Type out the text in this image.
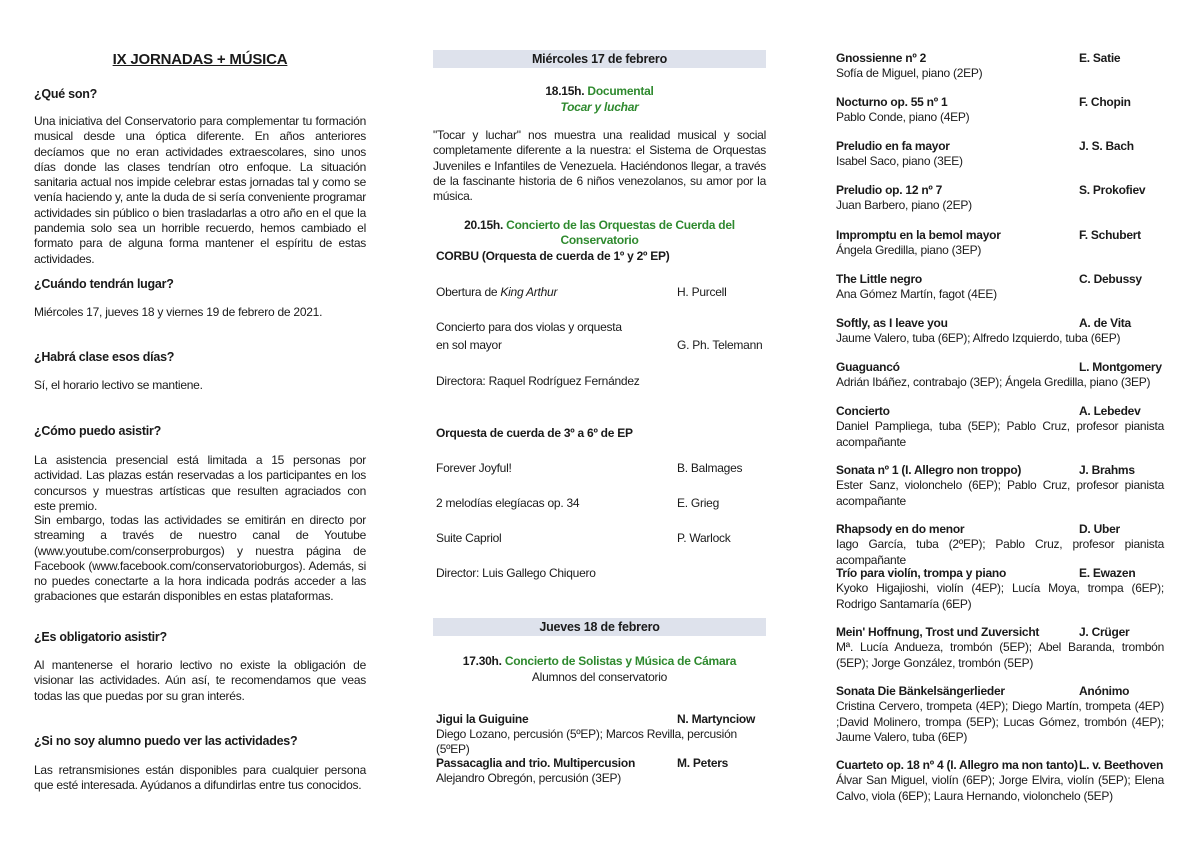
IX JORNADAS + MÚSICA
¿Qué son?
Una iniciativa del Conservatorio para complementar tu formación musical desde una óptica diferente. En años anteriores decíamos que no eran actividades extraescolares, sino unos días donde las clases tendrían otro enfoque. La situación sanitaria actual nos impide celebrar estas jornadas tal y como se venía haciendo y, ante la duda de si sería conveniente programar actividades sin público o bien trasladarlas a otro año en el que la pandemia solo sea un horrible recuerdo, hemos cambiado el formato para de alguna forma mantener el espíritu de estas actividades.
¿Cuándo tendrán lugar?
Miércoles 17, jueves 18 y viernes 19 de febrero de 2021.
¿Habrá clase esos días?
Sí, el horario lectivo se mantiene.
¿Cómo puedo asistir?
La asistencia presencial está limitada a 15 personas por actividad. Las plazas están reservadas a los participantes en los concursos y muestras artísticas que resulten agraciados con este premio.
Sin embargo, todas las actividades se emitirán en directo por streaming a través de nuestro canal de Youtube (www.youtube.com/conserproburgos) y nuestra página de Facebook (www.facebook.com/conservatorioburgos). Además, si no puedes conectarte a la hora indicada podrás acceder a las grabaciones que estarán disponibles en estas plataformas.
¿Es obligatorio asistir?
Al mantenerse el horario lectivo no existe la obligación de visionar las actividades. Aún así, te recomendamos que veas todas las que puedas por su gran interés.
¿Si no soy alumno puedo ver las actividades?
Las retransmisiones están disponibles para cualquier persona que esté interesada. Ayúdanos a difundirlas entre tus conocidos.
Miércoles 17 de febrero
18.15h. Documental
Tocar y luchar
"Tocar y luchar" nos muestra una realidad musical y social completamente diferente a la nuestra: el Sistema de Orquestas Juveniles e Infantiles de Venezuela. Haciéndonos llegar, a través de la fascinante historia de 6 niños venezolanos, su amor por la música.
20.15h. Concierto de las Orquestas de Cuerda del Conservatorio
CORBU (Orquesta de cuerda de 1º y 2º EP)
Obertura de King Arthur	H. Purcell
Concierto para dos violas y orquesta
en sol mayor	G. Ph. Telemann
Directora: Raquel Rodríguez Fernández
Orquesta de cuerda de 3º a 6º de EP
Forever Joyful!	B. Balmages
2 melodías elegíacas op. 34	E. Grieg
Suite Capriol	P. Warlock
Director: Luis Gallego Chiquero
Jueves 18 de febrero
17.30h. Concierto de Solistas y Música de Cámara
Alumnos del conservatorio
Jigui la Guiguine	N. Martynciow
Diego Lozano, percusión (5ºEP); Marcos Revilla, percusión (5ºEP)
Passacaglia and trio. Multipercusion	M. Peters
Alejandro Obregón, percusión (3EP)
Gnossienne nº 2	E. Satie
Sofía de Miguel, piano (2EP)
Nocturno op. 55 nº 1	F. Chopin
Pablo Conde, piano (4EP)
Preludio en fa mayor	J. S. Bach
Isabel Saco, piano (3EE)
Preludio op. 12 nº 7	S. Prokofiev
Juan Barbero, piano (2EP)
Impromptu en la bemol mayor	F. Schubert
Ángela Gredilla, piano (3EP)
The Little negro	C. Debussy
Ana Gómez Martín, fagot (4EE)
Softly, as I leave you	A. de Vita
Jaume Valero, tuba (6EP); Alfredo Izquierdo, tuba (6EP)
Guaguancó	L. Montgomery
Adrián Ibáñez, contrabajo (3EP); Ángela Gredilla, piano (3EP)
Concierto	A. Lebedev
Daniel Pampliega, tuba (5EP); Pablo Cruz, profesor pianista acompañante
Sonata nº 1 (I. Allegro non troppo)	J. Brahms
Ester Sanz, violonchelo (6EP); Pablo Cruz, profesor pianista acompañante
Rhapsody en do menor	D. Uber
Iago García, tuba (2ºEP); Pablo Cruz, profesor pianista acompañante
Trío para violín, trompa y piano	E. Ewazen
Kyoko Higajioshi, violín (4EP); Lucía Moya, trompa (6EP); Rodrigo Santamaría (6EP)
Mein' Hoffnung, Trost und Zuversicht	J. Crüger
Mª. Lucía Andueza, trombón (5EP); Abel Baranda, trombón (5EP); Jorge González, trombón (5EP)
Sonata Die Bänkelsängerlieder	Anónimo
Cristina Cervero, trompeta (4EP); Diego Martín, trompeta (4EP) ;David Molinero, trompa (5EP); Lucas Gómez, trombón (4EP); Jaume Valero, tuba (6EP)
Cuarteto op. 18 nº 4 (I. Allegro ma non tanto) L. v. Beethoven
Álvar San Miguel, violín (6EP); Jorge Elvira, violín (5EP); Elena Calvo, viola (6EP); Laura Hernando, violonchelo (5EP)
